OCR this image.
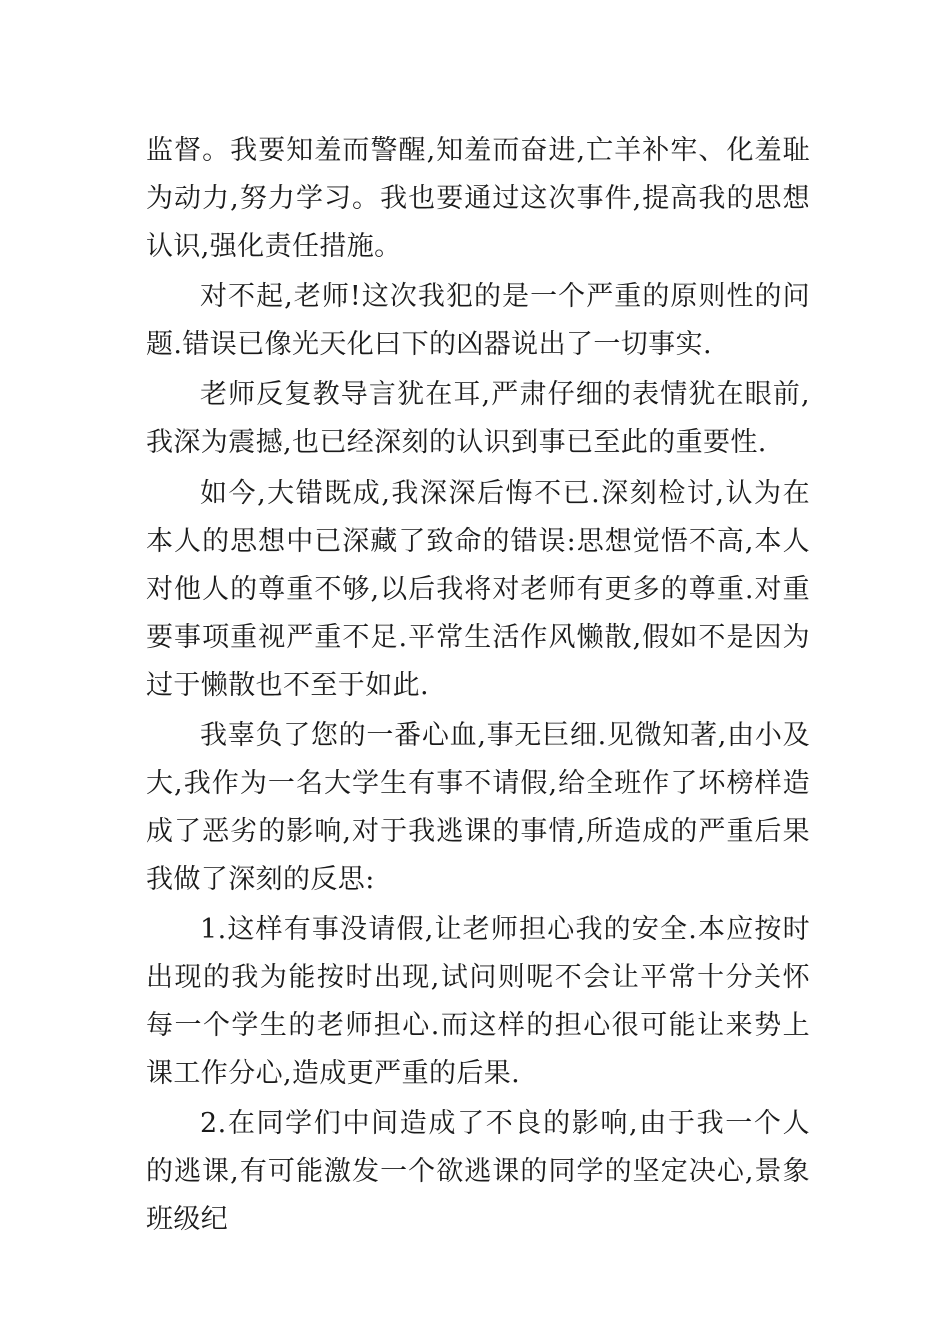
监督。我要知羞而警醒,知羞而奋进,亡羊补牢、化羞耻为动力,努力学习。我也要通过这次事件,提高我的思想认识,强化责任措施。

对不起,老师!这次我犯的是一个严重的原则性的问题.错误已像光天化曰下的凶器说出了一切事实.

老师反复教导言犹在耳,严肃仔细的表情犹在眼前,我深为震撼,也已经深刻的认识到事已至此的重要性.

如今,大错既成,我深深后悔不已.深刻检讨,认为在本人的思想中已深藏了致命的错误:思想觉悟不高,本人对他人的尊重不够,以后我将对老师有更多的尊重.对重要事项重视严重不足.平常生活作风懒散,假如不是因为过于懒散也不至于如此.

我辜负了您的一番心血,事无巨细.见微知著,由小及大,我作为一名大学生有事不请假,给全班作了坏榜样造成了恶劣的影响,对于我逃课的事情,所造成的严重后果我做了深刻的反思:

1.这样有事没请假,让老师担心我的安全.本应按时出现的我为能按时出现,试问则呢不会让平常十分关怀每一个学生的老师担心.而这样的担心很可能让来势上课工作分心,造成更严重的后果.

2.在同学们中间造成了不良的影响,由于我一个人的逃课,有可能激发一个欲逃课的同学的坚定决心,景象班级纪
